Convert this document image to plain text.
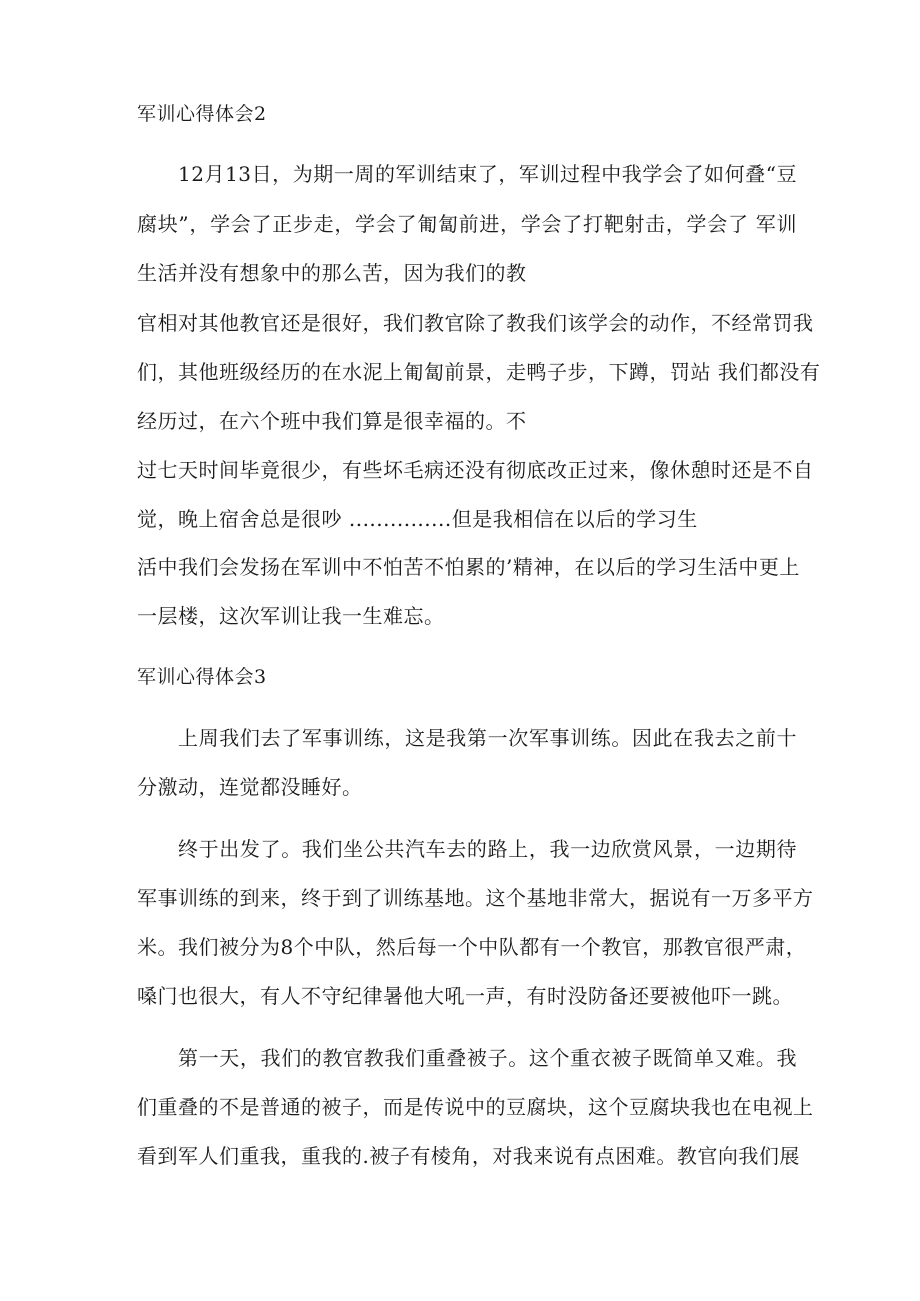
军训心得体会2
12月13日，为期一周的军训结束了，军训过程中我学会了如何叠“豆
腐块”，学会了正步走，学会了匍匐前进，学会了打靶射击，学会了 军训
生活并没有想象中的那么苦，因为我们的教
官相对其他教官还是很好，我们教官除了教我们该学会的动作，不经常罚我
们，其他班级经历的在水泥上匍匐前景，走鸭子步，下蹲，罚站 我们都没有
经历过，在六个班中我们算是很幸福的。不
过七天时间毕竟很少，有些坏毛病还没有彻底改正过来，像休憩时还是不自
觉，晚上宿舍总是很吵 ...............但是我相信在以后的学习生
活中我们会发扬在军训中不怕苦不怕累的’精神，在以后的学习生活中更上
一层楼，这次军训让我一生难忘。
军训心得体会3
上周我们去了军事训练，这是我第一次军事训练。因此在我去之前十
分激动，连觉都没睡好。
终于出发了。我们坐公共汽车去的路上，我一边欣赏风景，一边期待
军事训练的到来，终于到了训练基地。这个基地非常大，据说有一万多平方
米。我们被分为8个中队，然后每一个中队都有一个教官，那教官很严肃，
嗓门也很大，有人不守纪律暑他大吼一声，有时没防备还要被他吓一跳。
第一天，我们的教官教我们重叠被子。这个重衣被子既简单又难。我
们重叠的不是普通的被子，而是传说中的豆腐块，这个豆腐块我也在电视上
看到军人们重我，重我的.被子有棱角，对我来说有点困难。教官向我们展
